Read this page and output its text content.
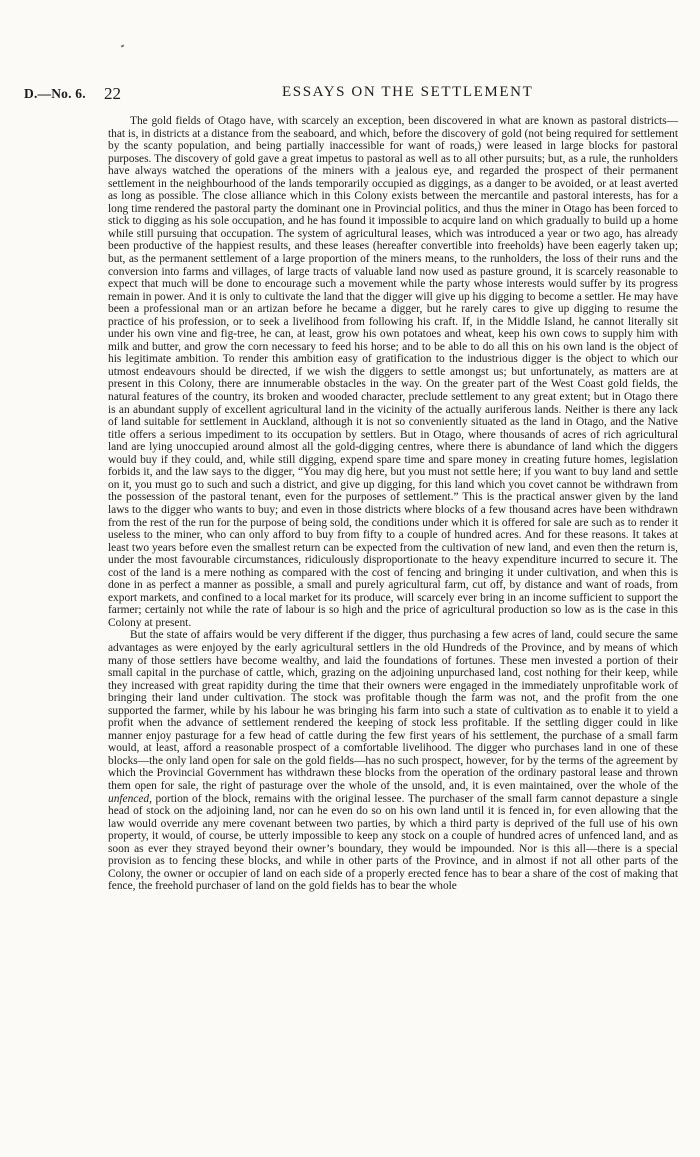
D.—No. 6. 22	ESSAYS ON THE SETTLEMENT

The gold fields of Otago have, with scarcely an exception, been discovered in what are known as pastoral districts—that is, in districts at a distance from the seaboard, and which, before the discovery of gold (not being required for settlement by the scanty population, and being partially inaccessible for want of roads,) were leased in large blocks for pastoral purposes. The discovery of gold gave a great impetus to pastoral as well as to all other pursuits; but, as a rule, the runholders have always watched the operations of the miners with a jealous eye, and regarded the prospect of their permanent settlement in the neighbourhood of the lands temporarily occupied as diggings, as a danger to be avoided, or at least averted as long as possible. The close alliance which in this Colony exists between the mercantile and pastoral interests, has for a long time rendered the pastoral party the dominant one in Provincial politics, and thus the miner in Otago has been forced to stick to digging as his sole occupation, and he has found it impossible to acquire land on which gradually to build up a home while still pursuing that occupation. The system of agricultural leases, which was introduced a year or two ago, has already been productive of the happiest results, and these leases (hereafter convertible into freeholds) have been eagerly taken up; but, as the permanent settlement of a large proportion of the miners means, to the runholders, the loss of their runs and the conversion into farms and villages, of large tracts of valuable land now used as pasture ground, it is scarcely reasonable to expect that much will be done to encourage such a movement while the party whose interests would suffer by its progress remain in power. And it is only to cultivate the land that the digger will give up his digging to become a settler. He may have been a professional man or an artizan before he became a digger, but he rarely cares to give up digging to resume the practice of his profession, or to seek a livelihood from following his craft. If, in the Middle Island, he cannot literally sit under his own vine and fig-tree, he can, at least, grow his own potatoes and wheat, keep his own cows to supply him with milk and butter, and grow the corn necessary to feed his horse; and to be able to do all this on his own land is the object of his legitimate ambition. To render this ambition easy of gratification to the industrious digger is the object to which our utmost endeavours should be directed, if we wish the diggers to settle amongst us; but unfortunately, as matters are at present in this Colony, there are innumerable obstacles in the way. On the greater part of the West Coast gold fields, the natural features of the country, its broken and wooded character, preclude settlement to any great extent; but in Otago there is an abundant supply of excellent agricultural land in the vicinity of the actually auriferous lands. Neither is there any lack of land suitable for settlement in Auckland, although it is not so conveniently situated as the land in Otago, and the Native title offers a serious impediment to its occupation by settlers. But in Otago, where thousands of acres of rich agricultural land are lying unoccupied around almost all the gold-digging centres, where there is abundance of land which the diggers would buy if they could, and, while still digging, expend spare time and spare money in creating future homes, legislation forbids it, and the law says to the digger, “You may dig here, but you must not settle here; if you want to buy land and settle on it, you must go to such and such a district, and give up digging, for this land which you covet cannot be withdrawn from the possession of the pastoral tenant, even for the purposes of settlement.” This is the practical answer given by the land laws to the digger who wants to buy; and even in those districts where blocks of a few thousand acres have been withdrawn from the rest of the run for the purpose of being sold, the conditions under which it is offered for sale are such as to render it useless to the miner, who can only afford to buy from fifty to a couple of hundred acres. And for these reasons. It takes at least two years before even the smallest return can be expected from the cultivation of new land, and even then the return is, under the most favourable circumstances, ridiculously disproportionate to the heavy expenditure incurred to secure it. The cost of the land is a mere nothing as compared with the cost of fencing and bringing it under cultivation, and when this is done in as perfect a manner as possible, a small and purely agricultural farm, cut off, by distance and want of roads, from export markets, and confined to a local market for its produce, will scarcely ever bring in an income sufficient to support the farmer; certainly not while the rate of labour is so high and the price of agricultural production so low as is the case in this Colony at present.

But the state of affairs would be very different if the digger, thus purchasing a few acres of land, could secure the same advantages as were enjoyed by the early agricultural settlers in the old Hundreds of the Province, and by means of which many of those settlers have become wealthy, and laid the foundations of fortunes. These men invested a portion of their small capital in the purchase of cattle, which, grazing on the adjoining unpurchased land, cost nothing for their keep, while they increased with great rapidity during the time that their owners were engaged in the immediately unprofitable work of bringing their land under cultivation. The stock was profitable though the farm was not, and the profit from the one supported the farmer, while by his labour he was bringing his farm into such a state of cultivation as to enable it to yield a profit when the advance of settlement rendered the keeping of stock less profitable. If the settling digger could in like manner enjoy pasturage for a few head of cattle during the few first years of his settlement, the purchase of a small farm would, at least, afford a reasonable prospect of a comfortable livelihood. The digger who purchases land in one of these blocks—the only land open for sale on the gold fields—has no such prospect, however, for by the terms of the agreement by which the Provincial Government has withdrawn these blocks from the operation of the ordinary pastoral lease and thrown them open for sale, the right of pasturage over the whole of the unsold, and, it is even maintained, over the whole of the unfenced, portion of the block, remains with the original lessee. The purchaser of the small farm cannot depasture a single head of stock on the adjoining land, nor can he even do so on his own land until it is fenced in, for even allowing that the law would override any mere covenant between two parties, by which a third party is deprived of the full use of his own property, it would, of course, be utterly impossible to keep any stock on a couple of hundred acres of unfenced land, and as soon as ever they strayed beyond their owner’s boundary, they would be impounded. Nor is this all—there is a special provision as to fencing these blocks, and while in other parts of the Province, and in almost if not all other parts of the Colony, the owner or occupier of land on each side of a properly erected fence has to bear a share of the cost of making that fence, the freehold purchaser of land on the gold fields has to bear the whole
